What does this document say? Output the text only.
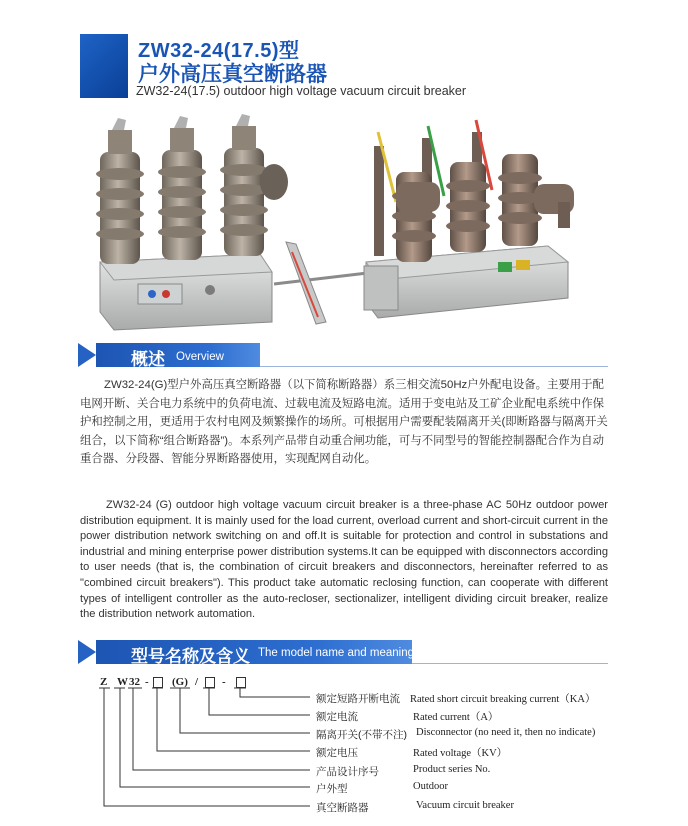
ZW32-24(17.5)型
户外高压真空断路器
ZW32-24(17.5) outdoor high voltage vacuum circuit breaker
概述 Overview
ZW32-24(G)型户外高压真空断路器（以下简称断路器）系三相交流50Hz户外配电设备。主要用于配电网开断、关合电力系统中的负荷电流、过载电流及短路电流。适用于变电站及工矿企业配电系统中作保护和控制之用，更适用于农村电网及频繁操作的场所。可根据用户需要配装隔离开关(即断路器与隔离开关组合，以下简称“组合断路器”)。本系列产品带自动重合闸功能，可与不同型号的智能控制器配合作为自动重合器、分段器、智能分界断路器使用，实现配网自动化。
ZW32-24 (G) outdoor high voltage vacuum circuit breaker is a three-phase AC 50Hz outdoor power distribution equipment. It is mainly used for the load current, overload current and short-circuit current in the power distribution network switching on and off.It is suitable for protection and control in substations and industrial and mining enterprise power distribution systems.It can be equipped with disconnectors according to user needs (that is, the combination of circuit breakers and disconnectors, hereinafter referred to as "combined circuit breakers"). This product take automatic reclosing function, can cooperate with different types of intelligent controller as the auto-recloser, sectionalizer, intelligent dividing circuit breaker, realize the distribution network automation.
型号名称及含义 The model name and meaning
Z W 32 - (G) / -
额定短路开断电流 Rated short circuit breaking current（KA）
额定电流	Rated current（A）
隔离开关(不带不注) Disconnector (no need it, then no indicate)
额定电压	Rated voltage（KV）
产品设计序号	Product series No.
户外型	Outdoor
真空断路器	Vacuum circuit breaker
